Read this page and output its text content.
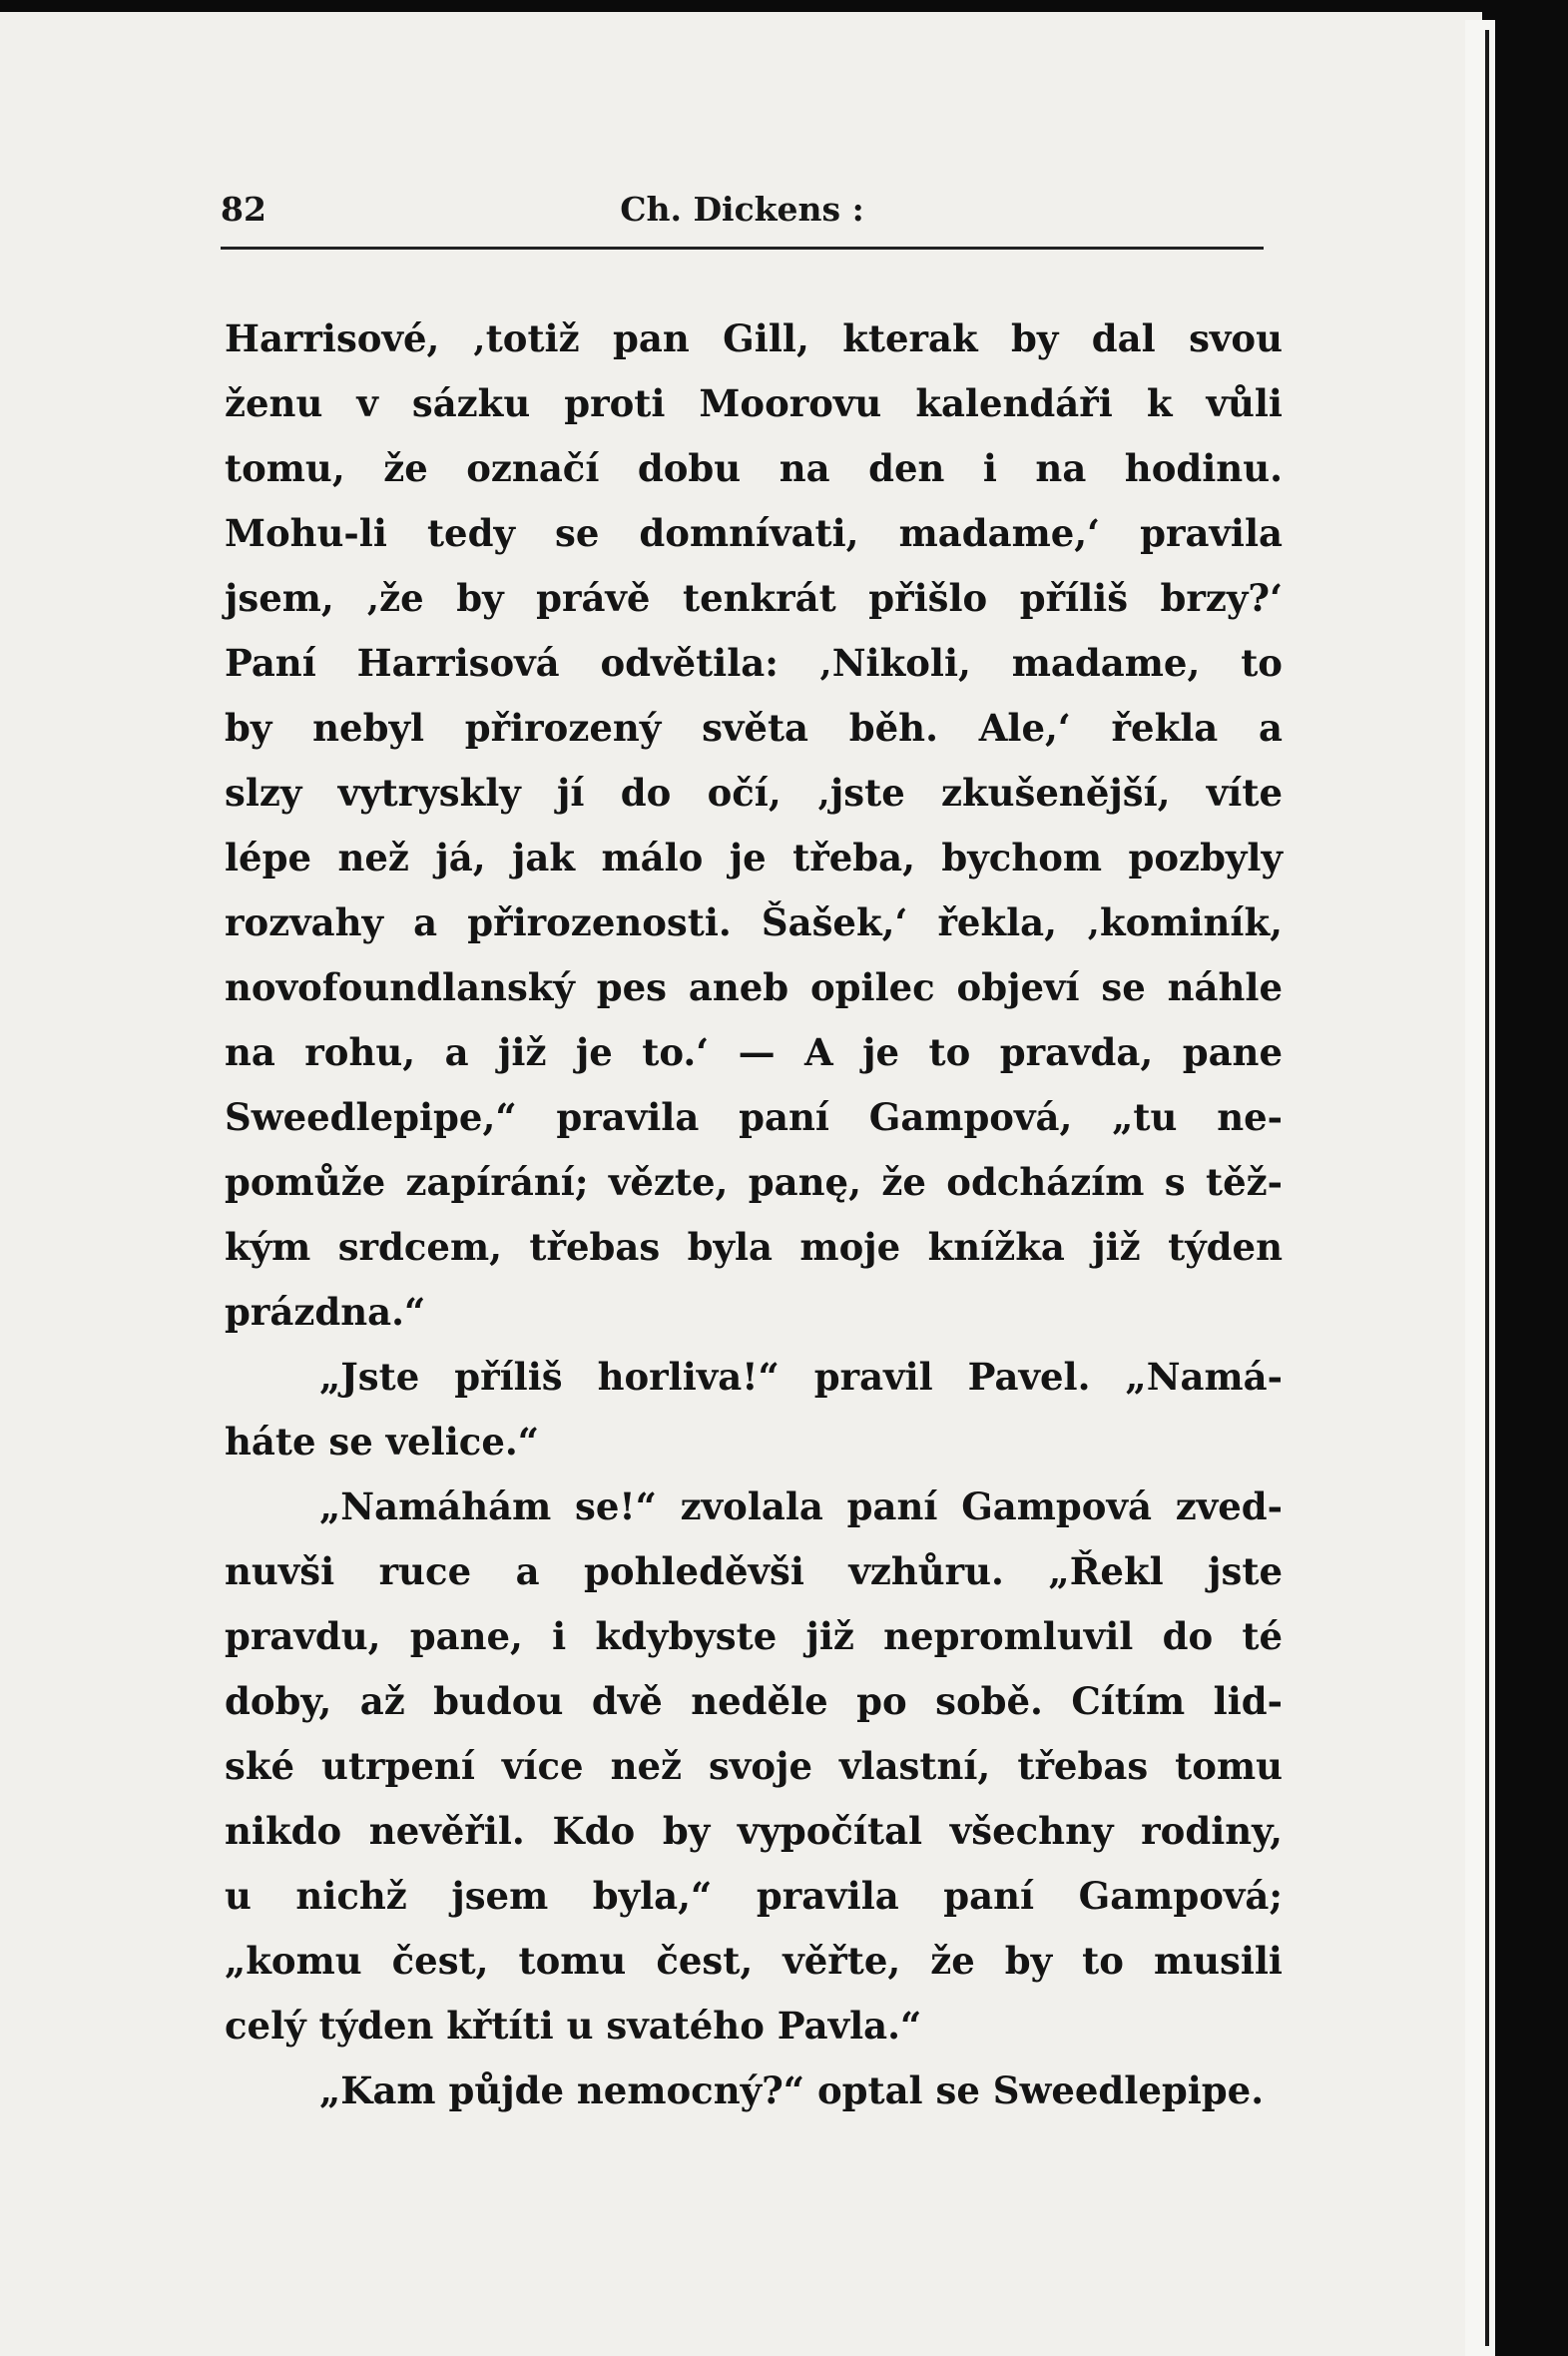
82	Ch. Dickens :
Harrisové, ‚totiž pan Gill, kterak by dal svou
ženu v sázku proti Moorovu kalendáři k vůli
tomu, že označí dobu na den i na hodinu.
Mohu-li tedy se domnívati, madame,‘ pravila
jsem, ‚že by právě tenkrát přišlo příliš brzy?‘
Paní Harrisová odvětila: ‚Nikoli, madame, to
by nebyl přirozený světa běh. Ale,‘ řekla a
slzy vytryskly jí do očí, ‚jste zkušenější, víte
lépe než já, jak málo je třeba, bychom pozbyly
rozvahy a přirozenosti. Šašek,‘ řekla, ‚kominík,
novofoundlanský pes aneb opilec objeví se náhle
na rohu, a již je to.‘ — A je to pravda, pane
Sweedlepipe,“ pravila paní Gampová, „tu ne-
pomůže zapírání; vězte, panę, že odcházím s těž-
kým srdcem, třebas byla moje knížka již týden
prázdna.“
„Jste příliš horliva!“ pravil Pavel. „Namá-
háte se velice.“
„Namáhám se!“ zvolala paní Gampová zved-
nuvši ruce a pohleděvši vzhůru. „Řekl jste
pravdu, pane, i kdybyste již nepromluvil do té
doby, až budou dvě neděle po sobě. Cítím lid-
ské utrpení více než svoje vlastní, třebas tomu
nikdo nevěřil. Kdo by vypočítal všechny rodiny,
u nichž jsem byla,“ pravila paní Gampová;
„komu čest, tomu čest, věřte, že by to musili
celý týden křtíti u svatého Pavla.“
„Kam půjde nemocný?“ optal se Sweedlepipe.
